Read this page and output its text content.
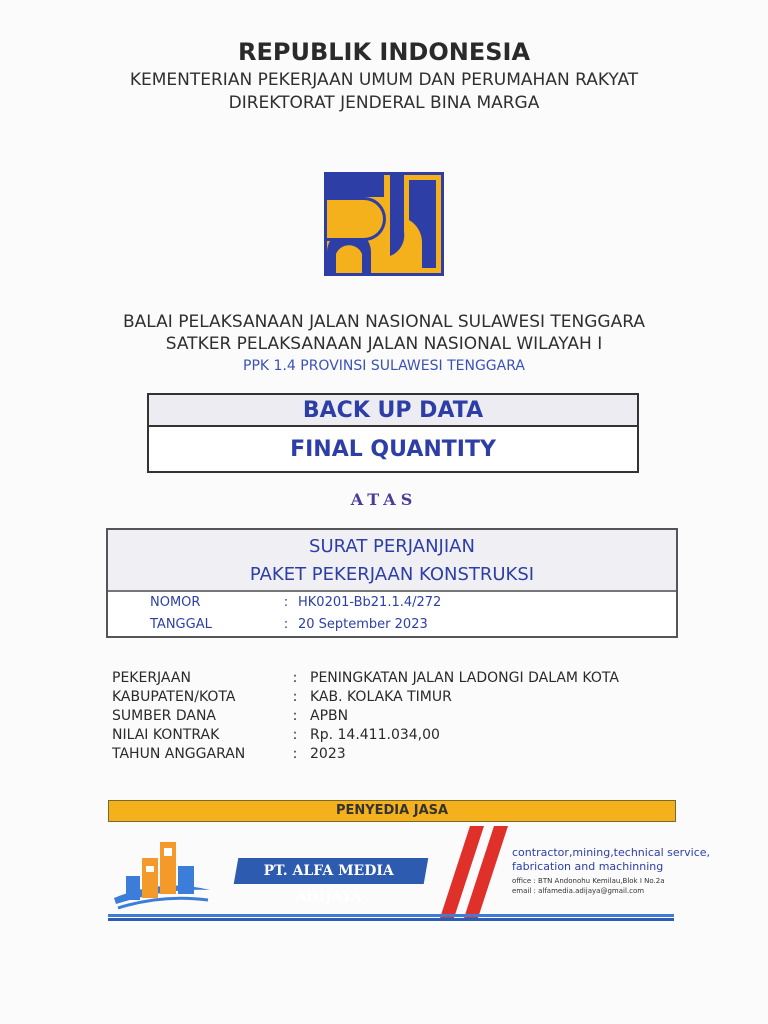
REPUBLIK INDONESIA
KEMENTERIAN PEKERJAAN UMUM DAN PERUMAHAN RAKYAT
DIREKTORAT JENDERAL BINA MARGA
BALAI PELAKSANAAN JALAN NASIONAL SULAWESI TENGGARA
SATKER PELAKSANAAN JALAN NASIONAL WILAYAH I
PPK 1.4 PROVINSI SULAWESI TENGGARA
BACK UP DATA
FINAL QUANTITY
ATAS
SURAT PERJANJIAN
PAKET PEKERJAAN KONSTRUKSI
NOMOR	: HK0201-Bb21.1.4/272
TANGGAL	: 20 September 2023
PEKERJAAN	: PENINGKATAN JALAN LADONGI DALAM KOTA
KABUPATEN/KOTA	: KAB. KOLAKA TIMUR
SUMBER DANA	: APBN
NILAI KONTRAK	: Rp. 14.411.034,00
TAHUN ANGGARAN	: 2023
PENYEDIA JASA
PT. ALFA MEDIA ADIJAYA
contractor,mining,technical service,
fabrication and machinning
office : BTN Andonohu Kemilau,Blok I No.2a
email : alfamedia.adijaya@gmail.com
